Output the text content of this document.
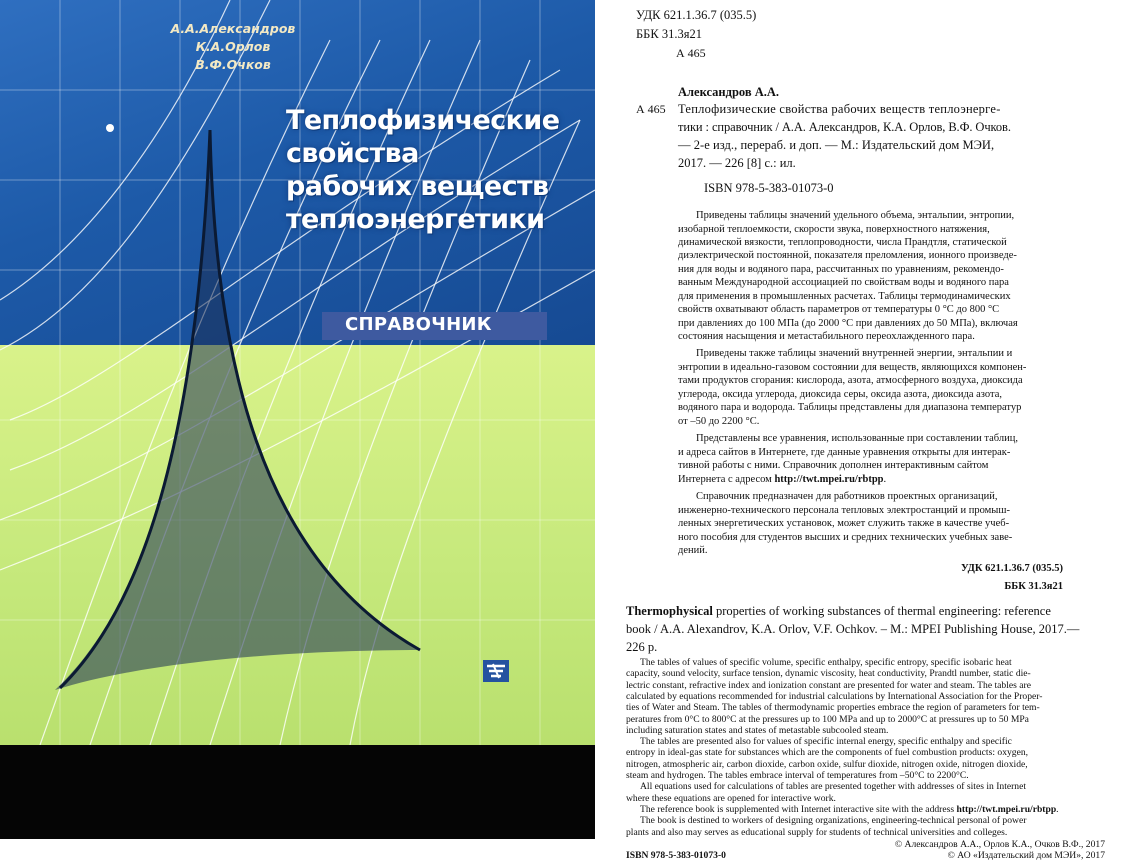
А.А.Александров
К.А.Орлов
В.Ф.Очков
Теплофизические
свойства
рабочих веществ
теплоэнергетики
СПРАВОЧНИК
УДК 621.1.36.7 (035.5)
ББК 31.3я21
А 465
Александров А.А.
А 465 Теплофизические свойства рабочих веществ теплоэнерге-
тики : справочник / А.А. Александров, К.А. Орлов, В.Ф. Очков.
— 2-е изд., перераб. и доп. — М.: Издательский дом МЭИ,
2017. — 226 [8] с.: ил.
ISBN 978-5-383-01073-0
Приведены таблицы значений удельного объема, энтальпии, энтропии,
изобарной теплоемкости, скорости звука, поверхностного натяжения,
динамической вязкости, теплопроводности, числа Прандтля, статической
диэлектрической постоянной, показателя преломления, ионного произведе-
ния для воды и водяного пара, рассчитанных по уравнениям, рекомендо-
ванным Международной ассоциацией по свойствам воды и водяного пара
для применения в промышленных расчетах. Таблицы термодинамических
свойств охватывают область параметров от температуры 0 °С до 800 °С
при давлениях до 100 МПа (до 2000 °С при давлениях до 50 МПа), включая
состояния насыщения и метастабильного переохлажденного пара.
Приведены также таблицы значений внутренней энергии, энтальпии и
энтропии в идеально-газовом состоянии для веществ, являющихся компонен-
тами продуктов сгорания: кислорода, азота, атмосферного воздуха, диоксида
углерода, оксида углерода, диоксида серы, оксида азота, диоксида азота,
водяного пара и водорода. Таблицы представлены для диапазона температур
от –50 до 2200 °С.
Представлены все уравнения, использованные при составлении таблиц,
и адреса сайтов в Интернете, где данные уравнения открыты для интерак-
тивной работы с ними. Справочник дополнен интерактивным сайтом
Интернета с адресом http://twt.mpei.ru/rbtpp.
Справочник предназначен для работников проектных организаций,
инженерно-технического персонала тепловых электростанций и промыш-
ленных энергетических установок, может служить также в качестве учеб-
ного пособия для студентов высших и средних технических учебных заве-
дений.
УДК 621.1.36.7 (035.5)
ББК 31.3я21
Thermophysical properties of working substances of thermal engineering: reference
book / A.A. Alexandrov, K.A. Orlov, V.F. Ochkov. – M.: MPEI Publishing House, 2017.—
226 p.
The tables of values of specific volume, specific enthalpy, specific entropy, specific isobaric heat
capacity, sound velocity, surface tension, dynamic viscosity, heat conductivity, Prandtl number, static die-
lectric constant, refractive index and ionization constant are presented for water and steam. The tables are
calculated by equations recommended for industrial calculations by International Association for the Proper-
ties of Water and Steam. The tables of thermodynamic properties embrace the region of parameters for tem-
peratures from 0°C to 800°C at the pressures up to 100 MPa and up to 2000°C at pressures up to 50 MPa
including saturation states and states of metastable subcooled steam.
The tables are presented also for values of specific internal energy, specific enthalpy and specific
entropy in ideal-gas state for substances which are the components of fuel combustion products: oxygen,
nitrogen, atmospheric air, carbon dioxide, carbon oxide, sulfur dioxide, nitrogen oxide, nitrogen dioxide,
steam and hydrogen. The tables embrace interval of temperatures from –50°C to 2200°C.
All equations used for calculations of tables are presented together with addresses of sites in Internet
where these equations are opened for interactive work.
The reference book is supplemented with Internet interactive site with the address http://twt.mpei.ru/rbtpp.
The book is destined to workers of designing organizations, engineering-technical personal of power
plants and also may serves as educational supply for students of technical universities and colleges.
© Александров А.А., Орлов К.А., Очков В.Ф., 2017
© АО «Издательский дом МЭИ», 2017
ISBN 978-5-383-01073-0
